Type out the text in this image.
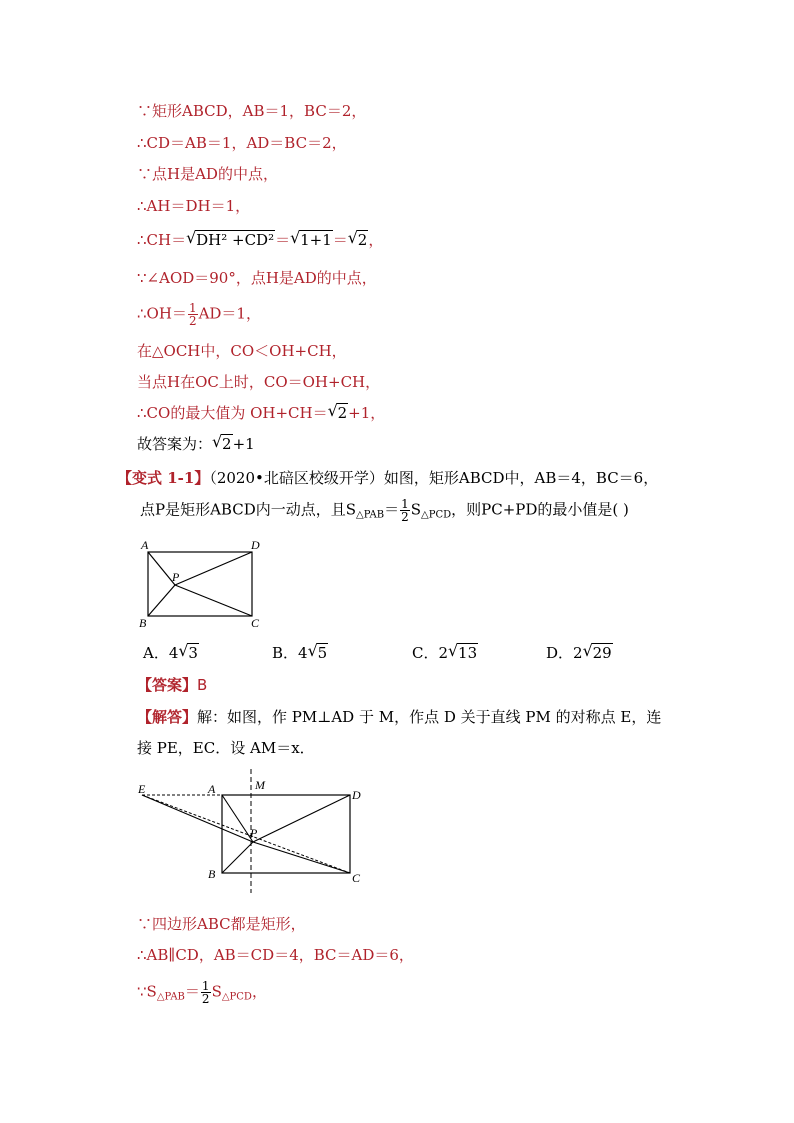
∵矩形ABCD，AB＝1，BC＝2，
∴CD＝AB＝1，AD＝BC＝2，
∵点H是AD的中点，
∴AH＝DH＝1，
∴CH＝ √ DH² +CD²＝ √ 1+1＝ √ 2，
∵∠AOD＝90°，点H是AD的中点，
∴OH＝ $\frac{1}{2} AD=1$，
在△OCH中，CO＜OH+CH，
当点H在OC上时，CO＝OH+CH，
∴CO的最大值为 OH+CH＝ √ 2+1，
故答案为： √ 2+1
【变式 1-1】（2020•北碚区校级开学）如图，矩形ABCD中，AB＝4，BC＝6，
点P是矩形ABCD内一动点，且$S_{\triangle PAB}= \frac{1}{2} S_{\triangle PCD}$，则PC+PD的最小值是( )
A	D
B	C
P
A．4 √ 3	B．4 √ 5	C．2 √ 13	D．2 √ 29
【答案】B
【解答】解：如图，作 PM⊥AD 于 M，作点 D 关于直线 PM 的对称点 E，连
接 PE，EC．设 AM＝x．
E	A	M
D
P
B	C
∵四边形ABC都是矩形，
∴AB∥CD，AB＝CD＝4，BC＝AD＝6，
$\because S_{\triangle PAB}= \frac{1}{2} S_{\triangle PCD}$，
